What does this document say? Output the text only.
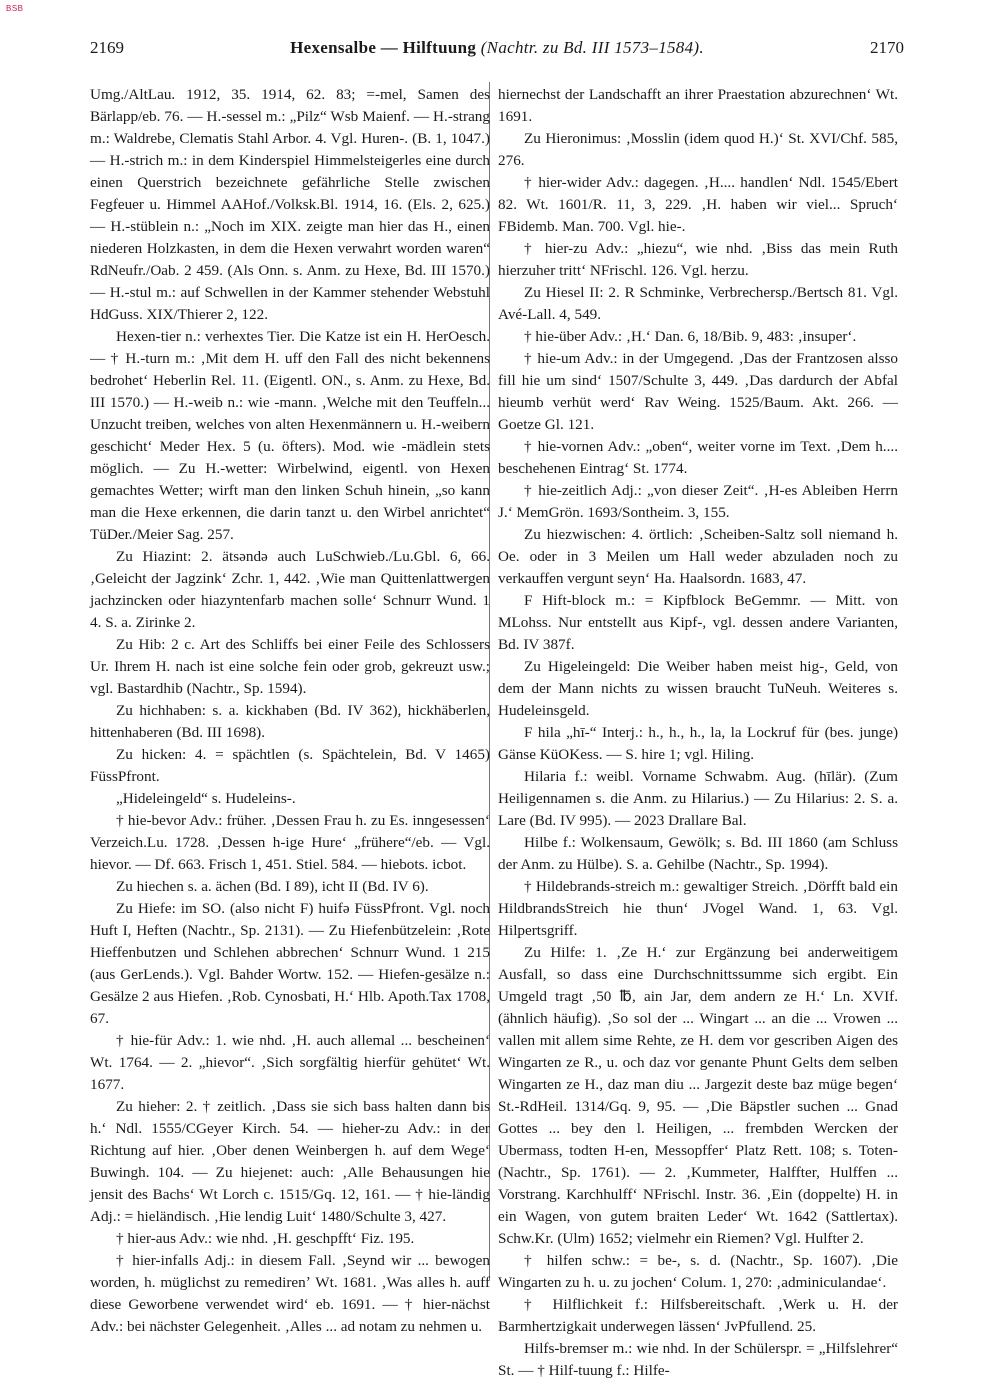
BSB
2169	Hexensalbe — Hilftuung (Nachtr. zu Bd. III 1573–1584).	2170

Umg./AltLau. 1912, 35. 1914, 62. 83; =-mel, Samen des Bärlapp/eb. 76. — H.-sessel m.: „Pilz“ Wsb Maienf. — H.-strang m.: Waldrebe, Clematis Stahl Arbor. 4. Vgl. Huren-. (B. 1, 1047.) — H.-strich m.: in dem Kinderspiel Himmelsteigerles eine durch einen Querstrich bezeichnete gefährliche Stelle zwischen Fegfeuer u. Himmel AAHof./Volksk.Bl. 1914, 16. (Els. 2, 625.) — H.-stüblein n.: „Noch im XIX. zeigte man hier das H., einen niederen Holzkasten, in dem die Hexen verwahrt worden waren“ RdNeufr./Oab. 2 459. (Als Onn. s. Anm. zu Hexe, Bd. III 1570.) — H.-stul m.: auf Schwellen in der Kammer stehender Webstuhl HdGuss. XIX/Thierer 2, 122.

Hexen-tier n.: verhextes Tier. Die Katze ist ein H. HerOesch. — † H.-turn m.: ‚Mit dem H. uff den Fall des nicht bekennens bedrohet‘ Heberlin Rel. 11. (Eigentl. ON., s. Anm. zu Hexe, Bd. III 1570.) — H.-weib n.: wie -mann. ‚Welche mit den Teuffeln... Unzucht treiben, welches von alten Hexenmännern u. H.-weibern geschicht‘ Meder Hex. 5 (u. öfters). Mod. wie -mädlein stets möglich. — Zu H.-wetter: Wirbelwind, eigentl. von Hexen gemachtes Wetter; wirft man den linken Schuh hinein, „so kann man die Hexe erkennen, die darin tanzt u. den Wirbel anrichtet“ TüDer./Meier Sag. 257.

Zu Hiazint: 2. ätsəndə auch LuSchwieb./Lu.Gbl. 6, 66. ‚Geleicht der Jagzink‘ Zchr. 1, 442. ‚Wie man Quittenlattwergen jachzincken oder hiazyntenfarb machen solle‘ Schnurr Wund. 1 4. S. a. Zirinke 2.

Zu Hib: 2 c. Art des Schliffs bei einer Feile des Schlossers Ur. Ihrem H. nach ist eine solche fein oder grob, gekreuzt usw.; vgl. Bastardhib (Nachtr., Sp. 1594).

Zu hichhaben: s. a. kickhaben (Bd. IV 362), hickhäberlen, hittenhaberen (Bd. III 1698).

Zu hicken: 4. = spächtlen (s. Spächtelein, Bd. V 1465) FüssPfront.

„Hideleingeld“ s. Hudeleins-.

† hie-bevor Adv.: früher. ‚Dessen Frau h. zu Es. inngesessen‘ Verzeich.Lu. 1728. ‚Dessen h-ige Hure‘ „frühere“/eb. — Vgl. hievor. — Df. 663. Frisch 1, 451. Stiel. 584. — hiebots. icbot.

Zu hiechen s. a. ächen (Bd. I 89), icht II (Bd. IV 6).

Zu Hiefe: im SO. (also nicht F) huifə FüssPfront. Vgl. noch Huft I, Heften (Nachtr., Sp. 2131). — Zu Hiefenbützelein: ‚Rote Hieffenbutzen und Schlehen abbrechen‘ Schnurr Wund. 1 215 (aus GerLends.). Vgl. Bahder Wortw. 152. — Hiefen-gesälze n.: Gesälze 2 aus Hiefen. ‚Rob. Cynosbati, H.‘ Hlb. Apoth.Tax 1708, 67.

† hie-für Adv.: 1. wie nhd. ‚H. auch allemal ... bescheinen‘ Wt. 1764. — 2. „hievor“. ‚Sich sorgfältig hierfür gehütet‘ Wt. 1677.

Zu hieher: 2. † zeitlich. ‚Dass sie sich bass halten dann bis h.‘ Ndl. 1555/CGeyer Kirch. 54. — hieher-zu Adv.: in der Richtung auf hier. ‚Ober denen Weinbergen h. auf dem Wege‘ Buwingh. 104. — Zu hiejenet: auch: ‚Alle Behausungen hie jensit des Bachs‘ Wt Lorch c. 1515/Gq. 12, 161. — † hie-ländig Adj.: = hieländisch. ‚Hie lendig Luit‘ 1480/Schulte 3, 427.

† hier-aus Adv.: wie nhd. ‚H. geschpfft‘ Fiz. 195.

† hier-infalls Adj.: in diesem Fall. ‚Seynd wir ... bewogen worden, h. müglichst zu remedirenʼ Wt. 1681. ‚Was alles h. auff diese Geworbene verwendet wird‘ eb. 1691. — † hier-nächst Adv.: bei nächster Gelegenheit. ‚Alles ... ad notam zu nehmen u.

hiernechst der Landschafft an ihrer Praestation abzurechnen‘ Wt. 1691.

Zu Hieronimus: ‚Mosslin (idem quod H.)‘ St. XVI/Chf. 585, 276.

† hier-wider Adv.: dagegen. ‚H.... handlen‘ Ndl. 1545/Ebert 82. Wt. 1601/R. 11, 3, 229. ‚H. haben wir viel... Spruch‘ FBidemb. Man. 700. Vgl. hie-.

† hier-zu Adv.: „hiezu“, wie nhd. ‚Biss das mein Ruth hierzuher tritt‘ NFrischl. 126. Vgl. herzu.

Zu Hiesel II: 2. R Schminke, Verbrechersp./Bertsch 81. Vgl. Avé-Lall. 4, 549.

† hie-über Adv.: ‚H.‘ Dan. 6, 18/Bib. 9, 483: ‚insuper‘.

† hie-um Adv.: in der Umgegend. ‚Das der Frantzosen alsso fill hie um sind‘ 1507/Schulte 3, 449. ‚Das dardurch der Abfal hieumb verhüt werd‘ Rav Weing. 1525/Baum. Akt. 266. — Goetze Gl. 121.

† hie-vornen Adv.: „oben“, weiter vorne im Text. ‚Dem h.... beschehenen Eintrag‘ St. 1774.

† hie-zeitlich Adj.: „von dieser Zeit“. ‚H-es Ableiben Herrn J.‘ MemGrön. 1693/Sontheim. 3, 155.

Zu hiezwischen: 4. örtlich: ‚Scheiben-Saltz soll niemand h. Oe. oder in 3 Meilen um Hall weder abzuladen noch zu verkauffen vergunt seyn‘ Ha. Haalsordn. 1683, 47.

F Hift-block m.: = Kipfblock BeGemmr. — Mitt. von MLohss. Nur entstellt aus Kipf-, vgl. dessen andere Varianten, Bd. IV 387f.

Zu Higeleingeld: Die Weiber haben meist hig-, Geld, von dem der Mann nichts zu wissen braucht TuNeuh. Weiteres s. Hudeleinsgeld.

F hila „hī-“ Interj.: h., h., h., la, la Lockruf für (bes. junge) Gänse KüOKess. — S. hire 1; vgl. Hiling.

Hilaria f.: weibl. Vorname Schwabm. Aug. (hīlär). (Zum Heiligennamen s. die Anm. zu Hilarius.) — Zu Hilarius: 2. S. a. Lare (Bd. IV 995). — 2023 Drallare Bal.

Hilbe f.: Wolkensaum, Gewölk; s. Bd. III 1860 (am Schluss der Anm. zu Hülbe). S. a. Gehilbe (Nachtr., Sp. 1994).

† Hildebrands-streich m.: gewaltiger Streich. ‚Dörfft bald ein HildbrandsStreich hie thun‘ JVogel Wand. 1, 63. Vgl. Hilpertsgriff.

Zu Hilfe: 1. ‚Ze H.‘ zur Ergänzung bei anderweitigem Ausfall, so dass eine Durchschnittssumme sich ergibt. Ein Umgeld tragt ‚50 ℔, ain Jar, dem andern ze H.‘ Ln. XVIf. (ähnlich häufig). ‚So sol der ... Wingart ... an die ... Vrowen ... vallen mit allem sime Rehte, ze H. dem vor gescriben Aigen des Wingarten ze R., u. och daz vor genante Phunt Gelts dem selben Wingarten ze H., daz man diu ... Jargezit deste baz müge begen‘ St.-RdHeil. 1314/Gq. 9, 95. — ‚Die Bäpstler suchen ... Gnad Gottes ... bey den l. Heiligen, ... frembden Wercken der Ubermass, todten H-en, Messopffer‘ Platz Rett. 108; s. Toten- (Nachtr., Sp. 1761). — 2. ‚Kummeter, Halffter, Hulffen ... Vorstrang. Karchhulff‘ NFrischl. Instr. 36. ‚Ein (doppelte) H. in ein Wagen, von gutem braiten Leder‘ Wt. 1642 (Sattlertax). Schw.Kr. (Ulm) 1652; vielmehr ein Riemen? Vgl. Hulfter 2.

† hilfen schw.: = be-, s. d. (Nachtr., Sp. 1607). ‚Die Wingarten zu h. u. zu jochen‘ Colum. 1, 270: ‚adminiculandae‘.

† Hilflichkeit f.: Hilfsbereitschaft. ‚Werk u. H. der Barmhertzigkait underwegen lässen‘ JvPfullend. 25.

Hilfs-bremser m.: wie nhd. In der Schülerspr. = „Hilfslehrer“ St. — † Hilf-tuung f.: Hilfe-
